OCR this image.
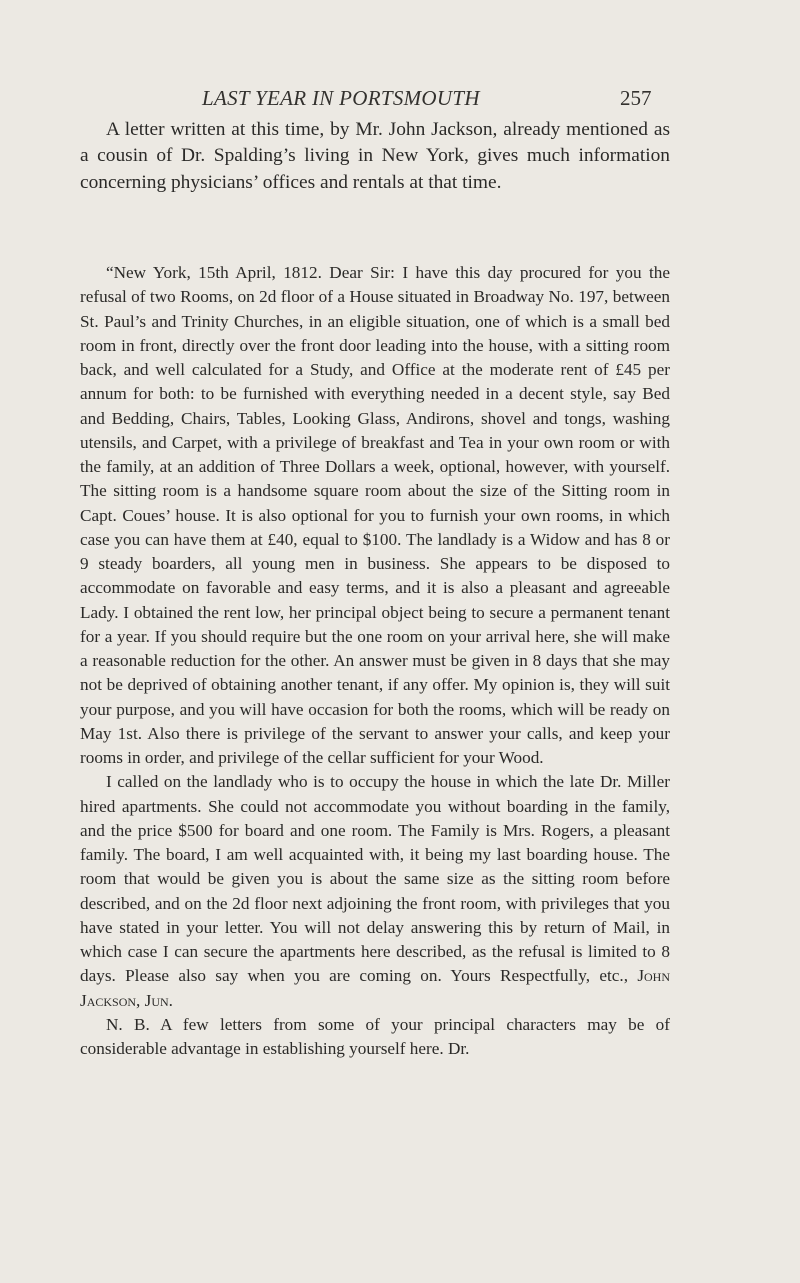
LAST YEAR IN PORTSMOUTH	257

A letter written at this time, by Mr. John Jackson, already mentioned as a cousin of Dr. Spalding’s living in New York, gives much information concerning physicians’ offices and rentals at that time.

“New York, 15th April, 1812. Dear Sir: I have this day procured for you the refusal of two Rooms, on 2d floor of a House situated in Broadway No. 197, between St. Paul’s and Trinity Churches, in an eligible situation, one of which is a small bed room in front, directly over the front door leading into the house, with a sitting room back, and well calculated for a Study, and Office at the moderate rent of £45 per annum for both: to be furnished with everything needed in a decent style, say Bed and Bedding, Chairs, Tables, Looking Glass, Andirons, shovel and tongs, washing utensils, and Carpet, with a privilege of breakfast and Tea in your own room or with the family, at an addition of Three Dollars a week, optional, however, with yourself. The sitting room is a handsome square room about the size of the Sitting room in Capt. Coues’ house. It is also optional for you to furnish your own rooms, in which case you can have them at £40, equal to $100. The landlady is a Widow and has 8 or 9 steady boarders, all young men in business. She appears to be disposed to accommodate on favorable and easy terms, and it is also a pleasant and agreeable Lady. I obtained the rent low, her principal object being to secure a permanent tenant for a year. If you should require but the one room on your arrival here, she will make a reasonable reduction for the other. An answer must be given in 8 days that she may not be deprived of obtaining another tenant, if any offer. My opinion is, they will suit your purpose, and you will have occasion for both the rooms, which will be ready on May 1st. Also there is privilege of the servant to answer your calls, and keep your rooms in order, and privilege of the cellar sufficient for your Wood.

I called on the landlady who is to occupy the house in which the late Dr. Miller hired apartments. She could not accommodate you without boarding in the family, and the price $500 for board and one room. The Family is Mrs. Rogers, a pleasant family. The board, I am well acquainted with, it being my last boarding house. The room that would be given you is about the same size as the sitting room before described, and on the 2d floor next adjoining the front room, with privileges that you have stated in your letter. You will not delay answering this by return of Mail, in which case I can secure the apartments here described, as the refusal is limited to 8 days. Please also say when you are coming on. Yours Respectfully, etc., John Jackson, Jun.

N. B. A few letters from some of your principal characters may be of considerable advantage in establishing yourself here. Dr.
